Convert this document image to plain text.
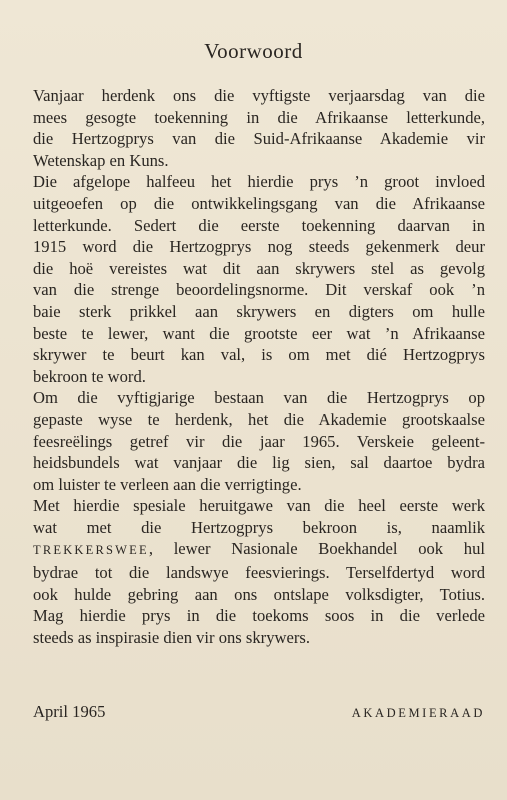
Voorwoord
Vanjaar herdenk ons die vyftigste verjaarsdag van die
mees gesogte toekenning in die Afrikaanse letterkunde,
die Hertzogprys van die Suid-Afrikaanse Akademie vir
Wetenskap en Kuns.
Die afgelope halfeeu het hierdie prys ’n groot invloed
uitgeoefen op die ontwikkelingsgang van die Afrikaanse
letterkunde. Sedert die eerste toekenning daarvan in
1915 word die Hertzogprys nog steeds gekenmerk deur
die hoë vereistes wat dit aan skrywers stel as gevolg
van die strenge beoordelingsnorme. Dit verskaf ook ’n
baie sterk prikkel aan skrywers en digters om hulle
beste te lewer, want die grootste eer wat ’n Afrikaanse
skrywer te beurt kan val, is om met dié Hertzogprys
bekroon te word.
Om die vyftigjarige bestaan van die Hertzogprys op
gepaste wyse te herdenk, het die Akademie grootskaalse
feesreëlings getref vir die jaar 1965. Verskeie geleent-
heidsbundels wat vanjaar die lig sien, sal daartoe bydra
om luister te verleen aan die verrigtinge.
Met hierdie spesiale heruitgawe van die heel eerste werk
wat met die Hertzogprys bekroon is, naamlik
TREKKERSWEE, lewer Nasionale Boekhandel ook hul
bydrae tot die landswye feesvierings. Terselfdertyd word
ook hulde gebring aan ons ontslape volksdigter, Totius.
Mag hierdie prys in die toekoms soos in die verlede
steeds as inspirasie dien vir ons skrywers.
April 1965	AKADEMIERAAD
